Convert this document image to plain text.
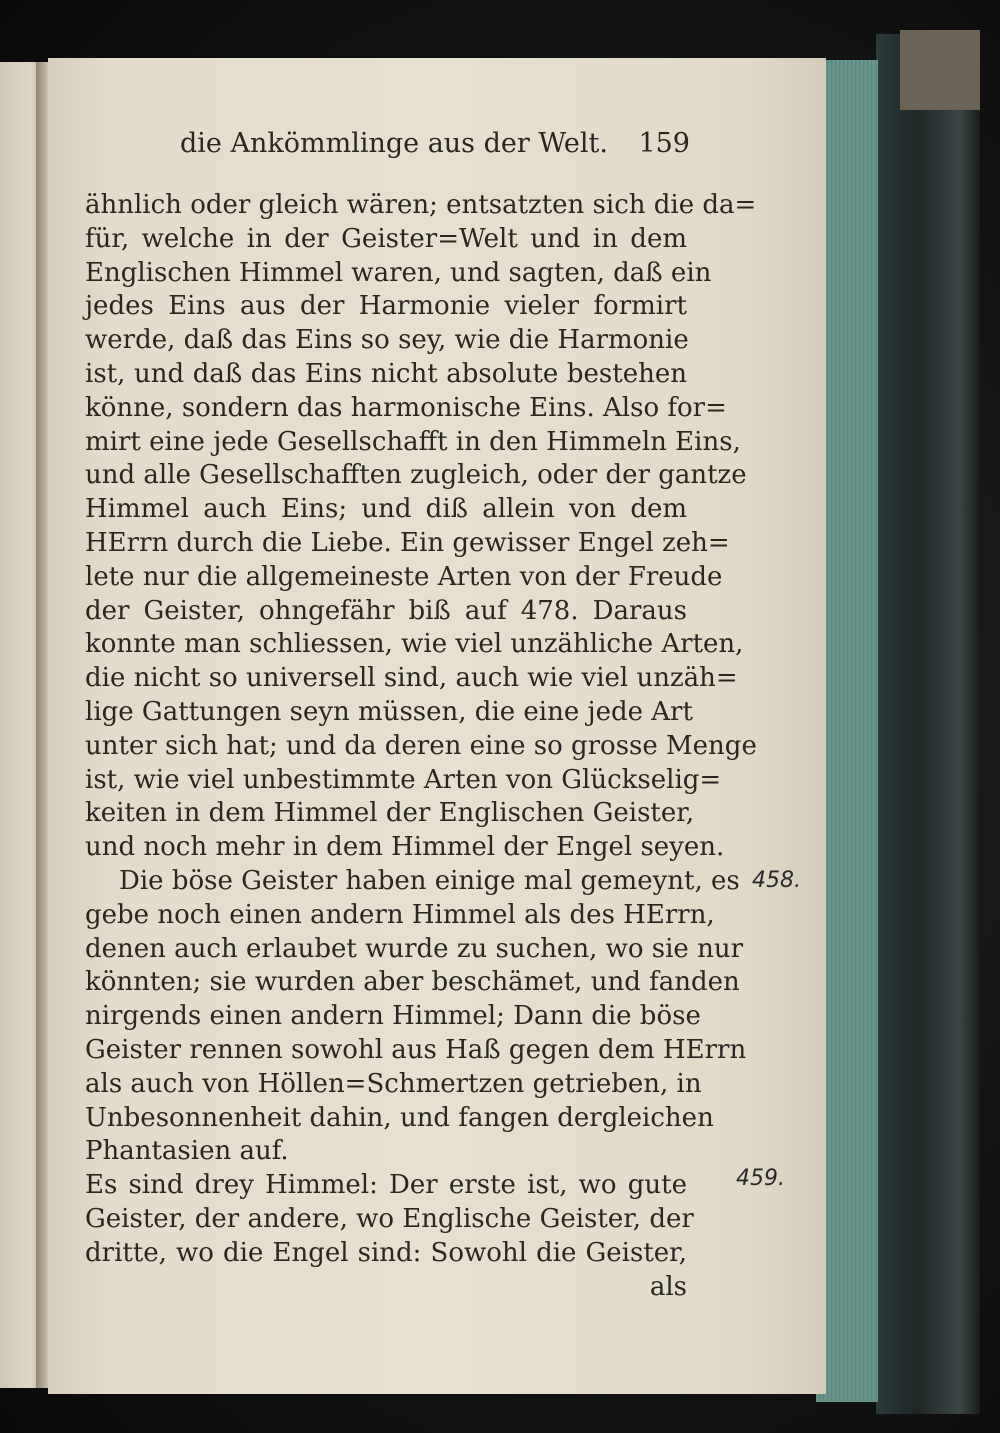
die Ankömmlinge aus der Welt. 159
ähnlich oder gleich wären; entsatzten sich die da=
für, welche in der Geister=Welt und in dem
Englischen Himmel waren, und sagten, daß ein
jedes Eins aus der Harmonie vieler formirt
werde, daß das Eins so sey, wie die Harmonie
ist, und daß das Eins nicht absolute bestehen
könne, sondern das harmonische Eins. Also for=
mirt eine jede Gesellschafft in den Himmeln Eins,
und alle Gesellschafften zugleich, oder der gantze
Himmel auch Eins; und diß allein von dem
HErrn durch die Liebe. Ein gewisser Engel zeh=
lete nur die allgemeineste Arten von der Freude
der Geister, ohngefähr biß auf 478. Daraus
konnte man schliessen, wie viel unzähliche Arten,
die nicht so universell sind, auch wie viel unzäh=
lige Gattungen seyn müssen, die eine jede Art
unter sich hat; und da deren eine so grosse Menge
ist, wie viel unbestimmte Arten von Glückselig=
keiten in dem Himmel der Englischen Geister,
und noch mehr in dem Himmel der Engel seyen.
Die böse Geister haben einige mal gemeynt, es
gebe noch einen andern Himmel als des HErrn,
denen auch erlaubet wurde zu suchen, wo sie nur
könnten; sie wurden aber beschämet, und fanden
nirgends einen andern Himmel; Dann die böse
Geister rennen sowohl aus Haß gegen dem HErrn
als auch von Höllen=Schmertzen getrieben, in
Unbesonnenheit dahin, und fangen dergleichen
Phantasien auf.
Es sind drey Himmel: Der erste ist, wo gute
Geister, der andere, wo Englische Geister, der
dritte, wo die Engel sind: Sowohl die Geister,
als
458.
459.
